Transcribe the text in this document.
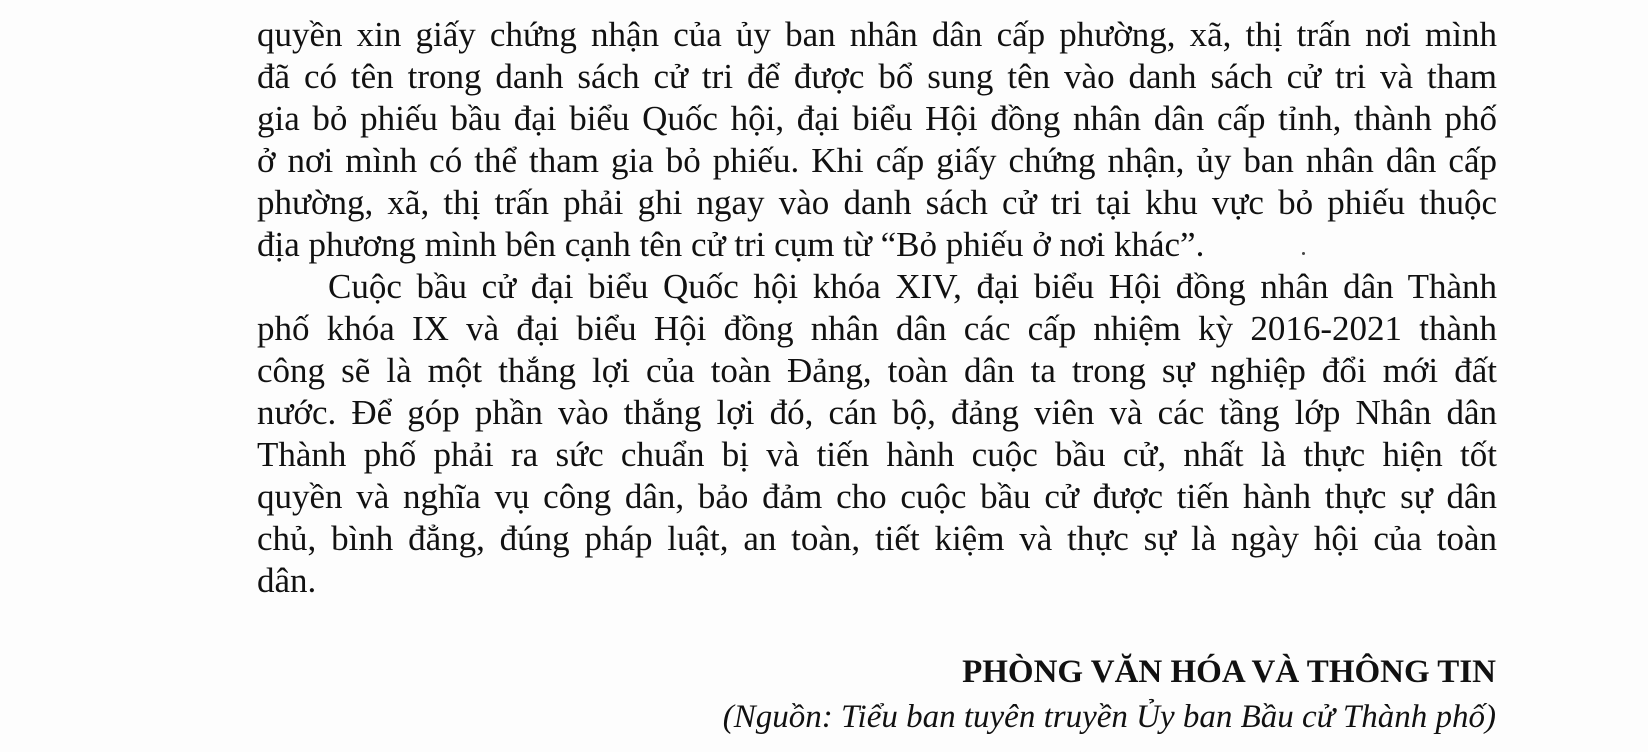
quyền xin giấy chứng nhận của ủy ban nhân dân cấp phường, xã, thị trấn nơi mình
đã có tên trong danh sách cử tri để được bổ sung tên vào danh sách cử tri và tham
gia bỏ phiếu bầu đại biểu Quốc hội, đại biểu Hội đồng nhân dân cấp tỉnh, thành phố
ở nơi mình có thể tham gia bỏ phiếu. Khi cấp giấy chứng nhận, ủy ban nhân dân cấp
phường, xã, thị trấn phải ghi ngay vào danh sách cử tri tại khu vực bỏ phiếu thuộc
địa phương mình bên cạnh tên cử tri cụm từ “Bỏ phiếu ở nơi khác”.
Cuộc bầu cử đại biểu Quốc hội khóa XIV, đại biểu Hội đồng nhân dân Thành
phố khóa IX và đại biểu Hội đồng nhân dân các cấp nhiệm kỳ 2016-2021 thành
công sẽ là một thắng lợi của toàn Đảng, toàn dân ta trong sự nghiệp đổi mới đất
nước. Để góp phần vào thắng lợi đó, cán bộ, đảng viên và các tầng lớp Nhân dân
Thành phố phải ra sức chuẩn bị và tiến hành cuộc bầu cử, nhất là thực hiện tốt
quyền và nghĩa vụ công dân, bảo đảm cho cuộc bầu cử được tiến hành thực sự dân
chủ, bình đẳng, đúng pháp luật, an toàn, tiết kiệm và thực sự là ngày hội của toàn
dân.
PHÒNG VĂN HÓA VÀ THÔNG TIN
(Nguồn: Tiểu ban tuyên truyền Ủy ban Bầu cử Thành phố)
